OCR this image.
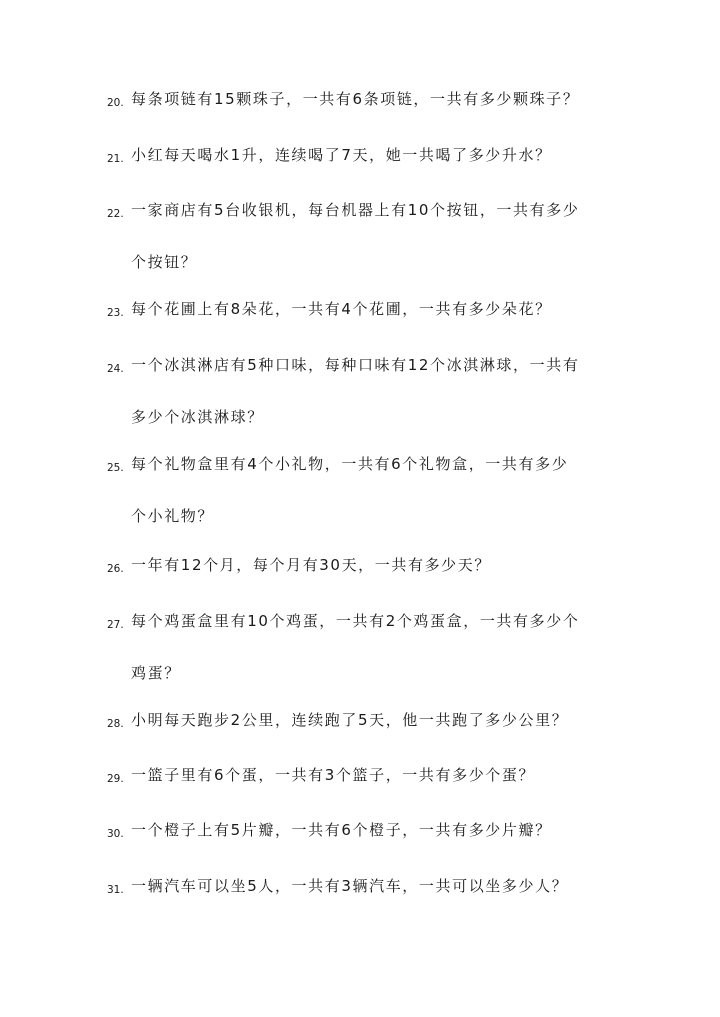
20. 每条项链有15颗珠子，一共有6条项链，一共有多少颗珠子？
21. 小红每天喝水1升，连续喝了7天，她一共喝了多少升水？
22. 一家商店有5台收银机，每台机器上有10个按钮，一共有多少
个按钮？
23. 每个花圃上有8朵花，一共有4个花圃，一共有多少朵花？
24. 一个冰淇淋店有5种口味，每种口味有12个冰淇淋球，一共有
多少个冰淇淋球？
25. 每个礼物盒里有4个小礼物，一共有6个礼物盒，一共有多少
个小礼物？
26. 一年有12个月，每个月有30天，一共有多少天？
27. 每个鸡蛋盒里有10个鸡蛋，一共有2个鸡蛋盒，一共有多少个
鸡蛋？
28. 小明每天跑步2公里，连续跑了5天，他一共跑了多少公里？
29. 一篮子里有6个蛋，一共有3个篮子，一共有多少个蛋？
30. 一个橙子上有5片瓣，一共有6个橙子，一共有多少片瓣？
31. 一辆汽车可以坐5人，一共有3辆汽车，一共可以坐多少人？
